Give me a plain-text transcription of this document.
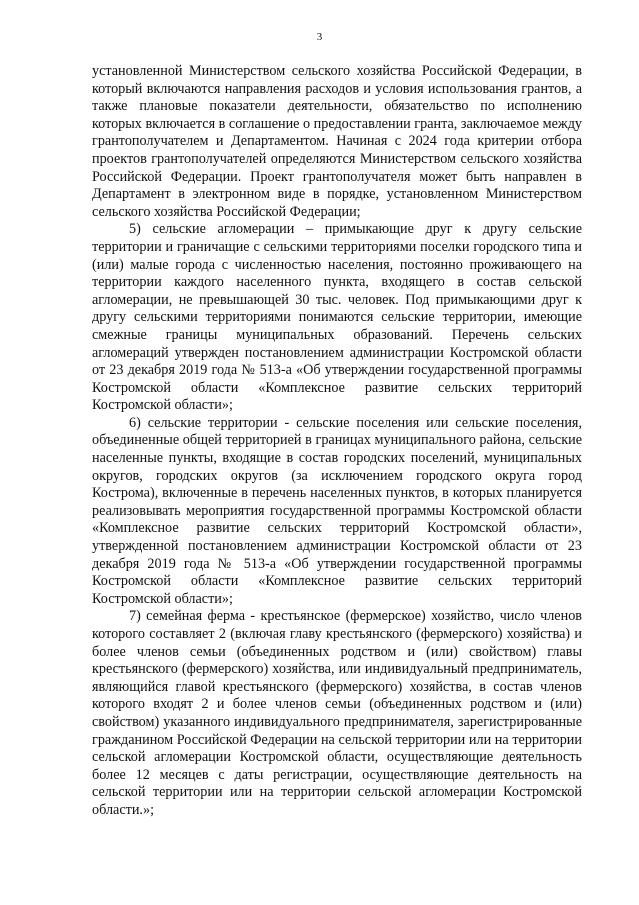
3

установленной Министерством сельского хозяйства Российской Федерации, в который включаются направления расходов и условия использования грантов, а также плановые показатели деятельности, обязательство по исполнению которых включается в соглашение о предоставлении гранта, заключаемое между грантополучателем и Департаментом. Начиная с 2024 года критерии отбора проектов грантополучателей определяются Министерством сельского хозяйства Российской Федерации. Проект грантополучателя может быть направлен в Департамент в электронном виде в порядке, установленном Министерством сельского хозяйства Российской Федерации;

5) сельские агломерации – примыкающие друг к другу сельские территории и граничащие с сельскими территориями поселки городского типа и (или) малые города с численностью населения, постоянно проживающего на территории каждого населенного пункта, входящего в состав сельской агломерации, не превышающей 30 тыс. человек. Под примыкающими друг к другу сельскими территориями понимаются сельские территории, имеющие смежные границы муниципальных образований. Перечень сельских агломераций утвержден постановлением администрации Костромской области от 23 декабря 2019 года № 513-а «Об утверждении государственной программы Костромской области «Комплексное развитие сельских территорий Костромской области»;

6) сельские территории - сельские поселения или сельские поселения, объединенные общей территорией в границах муниципального района, сельские населенные пункты, входящие в состав городских поселений, муниципальных округов, городских округов (за исключением городского округа город Кострома), включенные в перечень населенных пунктов, в которых планируется реализовывать мероприятия государственной программы Костромской области «Комплексное развитие сельских территорий Костромской области», утвержденной постановлением администрации Костромской области от 23 декабря 2019 года № 513-а «Об утверждении государственной программы Костромской области «Комплексное развитие сельских территорий Костромской области»;

7) семейная ферма - крестьянское (фермерское) хозяйство, число членов которого составляет 2 (включая главу крестьянского (фермерского) хозяйства) и более членов семьи (объединенных родством и (или) свойством) главы крестьянского (фермерского) хозяйства, или индивидуальный предприниматель, являющийся главой крестьянского (фермерского) хозяйства, в состав членов которого входят 2 и более членов семьи (объединенных родством и (или) свойством) указанного индивидуального предпринимателя, зарегистрированные гражданином Российской Федерации на сельской территории или на территории сельской агломерации Костромской области, осуществляющие деятельность более 12 месяцев с даты регистрации, осуществляющие деятельность на сельской территории или на территории сельской агломерации Костромской области.»;
